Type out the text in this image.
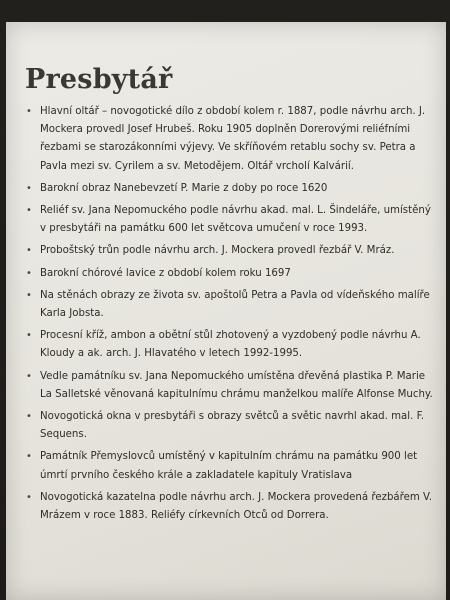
Presbytář
• Hlavní oltář – novogotické dílo z období kolem r. 1887, podle návrhu arch. J. Mockera provedl Josef Hrubeš. Roku 1905 doplněn Dorerovými reliéfními řezbami se starozákonními výjevy. Ve skříňovém retablu sochy sv. Petra a Pavla mezi sv. Cyrilem a sv. Metodějem. Oltář vrcholí Kalvárií.
• Barokní obraz Nanebevzetí P. Marie z doby po roce 1620
• Reliéf sv. Jana Nepomuckého podle návrhu akad. mal. L. Šindeláře, umístěný v presbytáři na památku 600 let světcova umučení v roce 1993.
• Proboštský trůn podle návrhu arch. J. Mockera provedl řezbář V. Mráz.
• Barokní chórové lavice z období kolem roku 1697
• Na stěnách obrazy ze života sv. apoštolů Petra a Pavla od vídeňského malíře Karla Jobsta.
• Procesní kříž, ambon a obětní stůl zhotovený a vyzdobený podle návrhu A. Kloudy a ak. arch. J. Hlavatého v letech 1992-1995.
• Vedle památníku sv. Jana Nepomuckého umístěna dřevěná plastika P. Marie La Salletské věnovaná kapitulnímu chrámu manželkou malíře Alfonse Muchy.
• Novogotická okna v presbytáři s obrazy světců a světic navrhl akad. mal. F. Sequens.
• Památník Přemyslovců umístěný v kapitulním chrámu na památku 900 let úmrtí prvního českého krále a zakladatele kapituly Vratislava
• Novogotická kazatelna podle návrhu arch. J. Mockera provedená řezbářem V. Mrázem v roce 1883. Reliéfy církevních Otců od Dorrera.
